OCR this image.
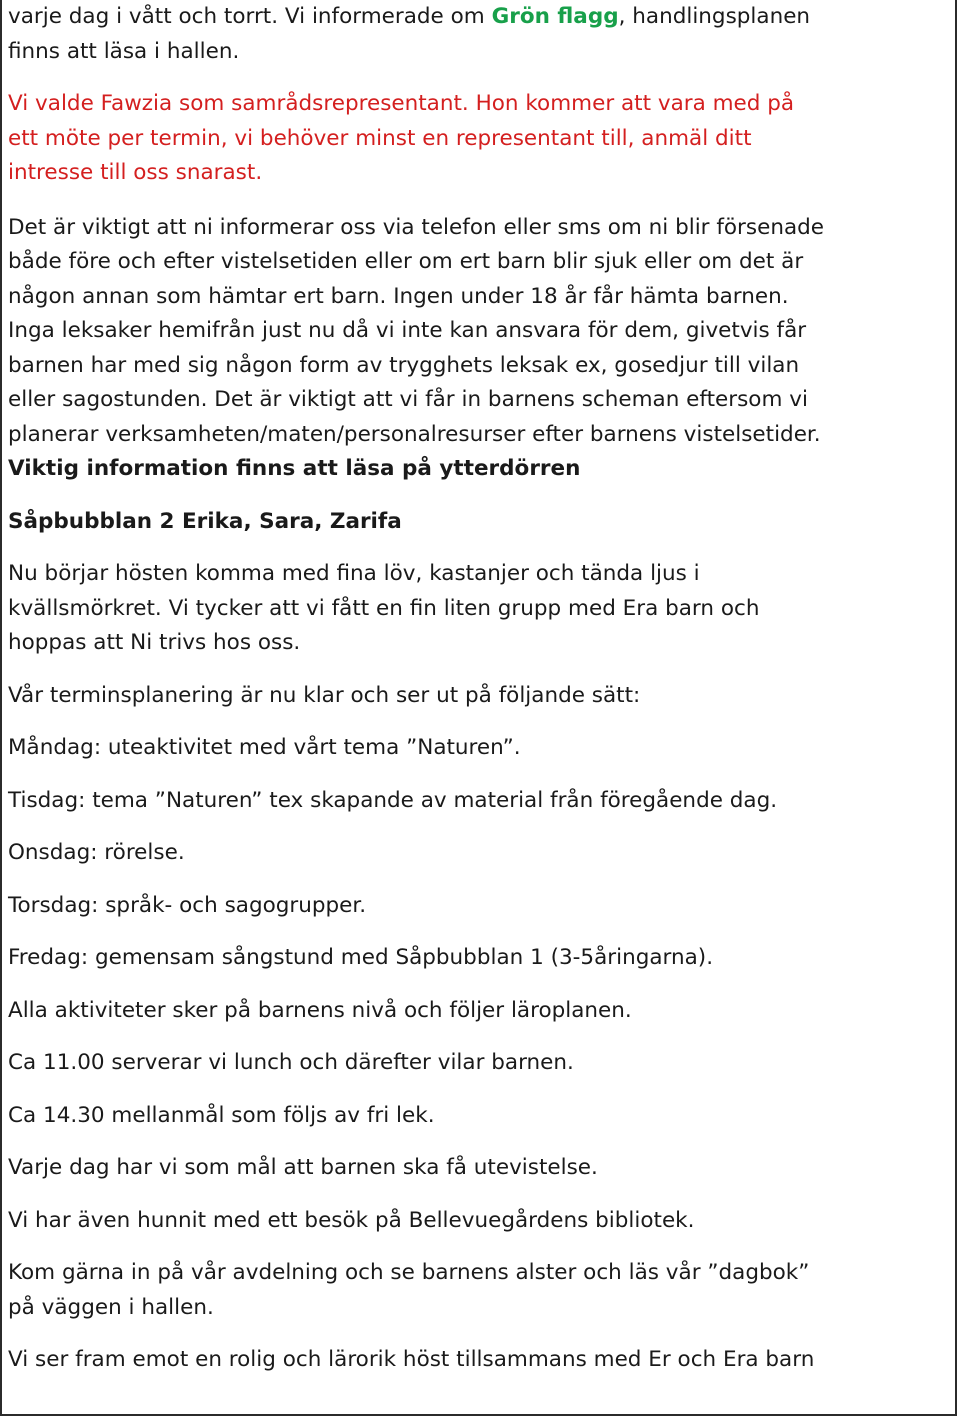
varje dag i vått och torrt. Vi informerade om Grön flagg, handlingsplanen

finns att läsa i hallen.

Vi valde Fawzia som samrådsrepresentant. Hon kommer att vara med på

ett möte per termin, vi behöver minst en representant till, anmäl ditt

intresse till oss snarast.

Det är viktigt att ni informerar oss via telefon eller sms om ni blir försenade

både före och efter vistelsetiden eller om ert barn blir sjuk eller om det är

någon annan som hämtar ert barn. Ingen under 18 år får hämta barnen.

Inga leksaker hemifrån just nu då vi inte kan ansvara för dem, givetvis får

barnen har med sig någon form av trygghets leksak ex, gosedjur till vilan

eller sagostunden. Det är viktigt att vi får in barnens scheman eftersom vi

planerar verksamheten/maten/personalresurser efter barnens vistelsetider.

Viktig information finns att läsa på ytterdörren

Såpbubblan 2 Erika, Sara, Zarifa

Nu börjar hösten komma med fina löv, kastanjer och tända ljus i

kvällsmörkret. Vi tycker att vi fått en fin liten grupp med Era barn och

hoppas att Ni trivs hos oss.

Vår terminsplanering är nu klar och ser ut på följande sätt:

Måndag: uteaktivitet med vårt tema ”Naturen”.

Tisdag: tema ”Naturen” tex skapande av material från föregående dag.

Onsdag: rörelse.

Torsdag: språk- och sagogrupper.

Fredag: gemensam sångstund med Såpbubblan 1 (3-5åringarna).

Alla aktiviteter sker på barnens nivå och följer läroplanen.

Ca 11.00 serverar vi lunch och därefter vilar barnen.

Ca 14.30 mellanmål som följs av fri lek.

Varje dag har vi som mål att barnen ska få utevistelse.

Vi har även hunnit med ett besök på Bellevuegårdens bibliotek.

Kom gärna in på vår avdelning och se barnens alster och läs vår ”dagbok”

på väggen i hallen.

Vi ser fram emot en rolig och lärorik höst tillsammans med Er och Era barn
